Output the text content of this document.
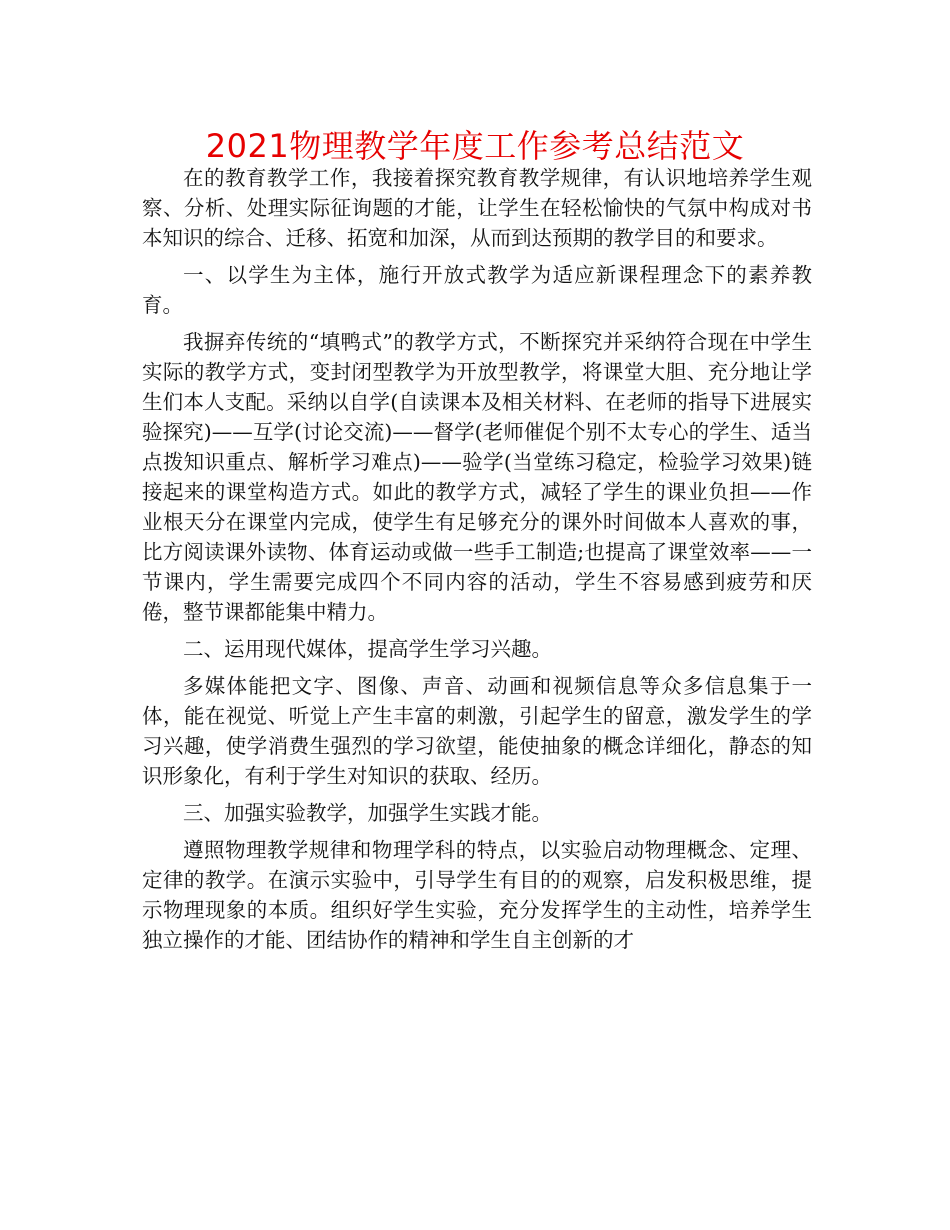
2021物理教学年度工作参考总结范文

在的教育教学工作，我接着探究教育教学规律，有认识地培养学生观察、分析、处理实际征询题的才能，让学生在轻松愉快的气氛中构成对书本知识的综合、迁移、拓宽和加深，从而到达预期的教学目的和要求。

一、以学生为主体，施行开放式教学为适应新课程理念下的素养教育。

我摒弃传统的“填鸭式”的教学方式，不断探究并采纳符合现在中学生实际的教学方式，变封闭型教学为开放型教学，将课堂大胆、充分地让学生们本人支配。采纳以自学(自读课本及相关材料、在老师的指导下进展实验探究)——互学(讨论交流)——督学(老师催促个别不太专心的学生、适当点拨知识重点、解析学习难点)——验学(当堂练习稳定，检验学习效果)链接起来的课堂构造方式。如此的教学方式，减轻了学生的课业负担——作业根天分在课堂内完成，使学生有足够充分的课外时间做本人喜欢的事，比方阅读课外读物、体育运动或做一些手工制造;也提高了课堂效率——一节课内，学生需要完成四个不同内容的活动，学生不容易感到疲劳和厌倦，整节课都能集中精力。

二、运用现代媒体，提高学生学习兴趣。

多媒体能把文字、图像、声音、动画和视频信息等众多信息集于一体，能在视觉、听觉上产生丰富的刺激，引起学生的留意，激发学生的学习兴趣，使学消费生强烈的学习欲望，能使抽象的概念详细化，静态的知识形象化，有利于学生对知识的获取、经历。

三、加强实验教学，加强学生实践才能。

遵照物理教学规律和物理学科的特点，以实验启动物理概念、定理、定律的教学。在演示实验中，引导学生有目的的观察，启发积极思维，提示物理现象的本质。组织好学生实验，充分发挥学生的主动性，培养学生独立操作的才能、团结协作的精神和学生自主创新的才
